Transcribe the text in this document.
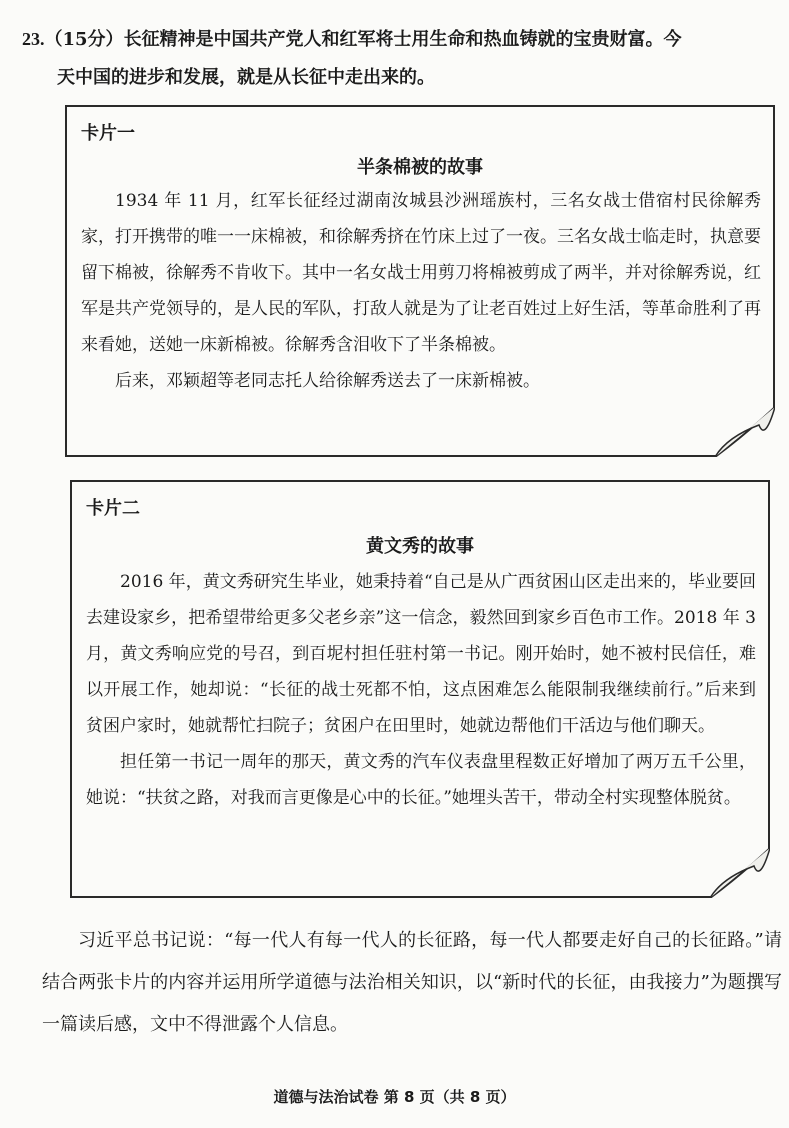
23.（15分）长征精神是中国共产党人和红军将士用生命和热血铸就的宝贵财富。今
天中国的进步和发展，就是从长征中走出来的。
卡片一
半条棉被的故事

1934 年 11 月，红军长征经过湖南汝城县沙洲瑶族村，三名女战士借宿村民徐解秀家，打开携带的唯一一床棉被，和徐解秀挤在竹床上过了一夜。三名女战士临走时，执意要留下棉被，徐解秀不肯收下。其中一名女战士用剪刀将棉被剪成了两半，并对徐解秀说，红军是共产党领导的，是人民的军队，打敌人就是为了让老百姓过上好生活，等革命胜利了再来看她，送她一床新棉被。徐解秀含泪收下了半条棉被。

后来，邓颖超等老同志托人给徐解秀送去了一床新棉被。

卡片二
黄文秀的故事

2016 年，黄文秀研究生毕业，她秉持着“自己是从广西贫困山区走出来的，毕业要回去建设家乡，把希望带给更多父老乡亲”这一信念，毅然回到家乡百色市工作。2018 年 3 月，黄文秀响应党的号召，到百坭村担任驻村第一书记。刚开始时，她不被村民信任，难以开展工作，她却说：“长征的战士死都不怕，这点困难怎么能限制我继续前行。”后来到贫困户家时，她就帮忙扫院子；贫困户在田里时，她就边帮他们干活边与他们聊天。

担任第一书记一周年的那天，黄文秀的汽车仪表盘里程数正好增加了两万五千公里，她说：“扶贫之路，对我而言更像是心中的长征。”她埋头苦干，带动全村实现整体脱贫。

习近平总书记说：“每一代人有每一代人的长征路，每一代人都要走好自己的长征路。”请结合两张卡片的内容并运用所学道德与法治相关知识，以“新时代的长征，由我接力”为题撰写一篇读后感，文中不得泄露个人信息。

道德与法治试卷 第 8 页（共 8 页）
